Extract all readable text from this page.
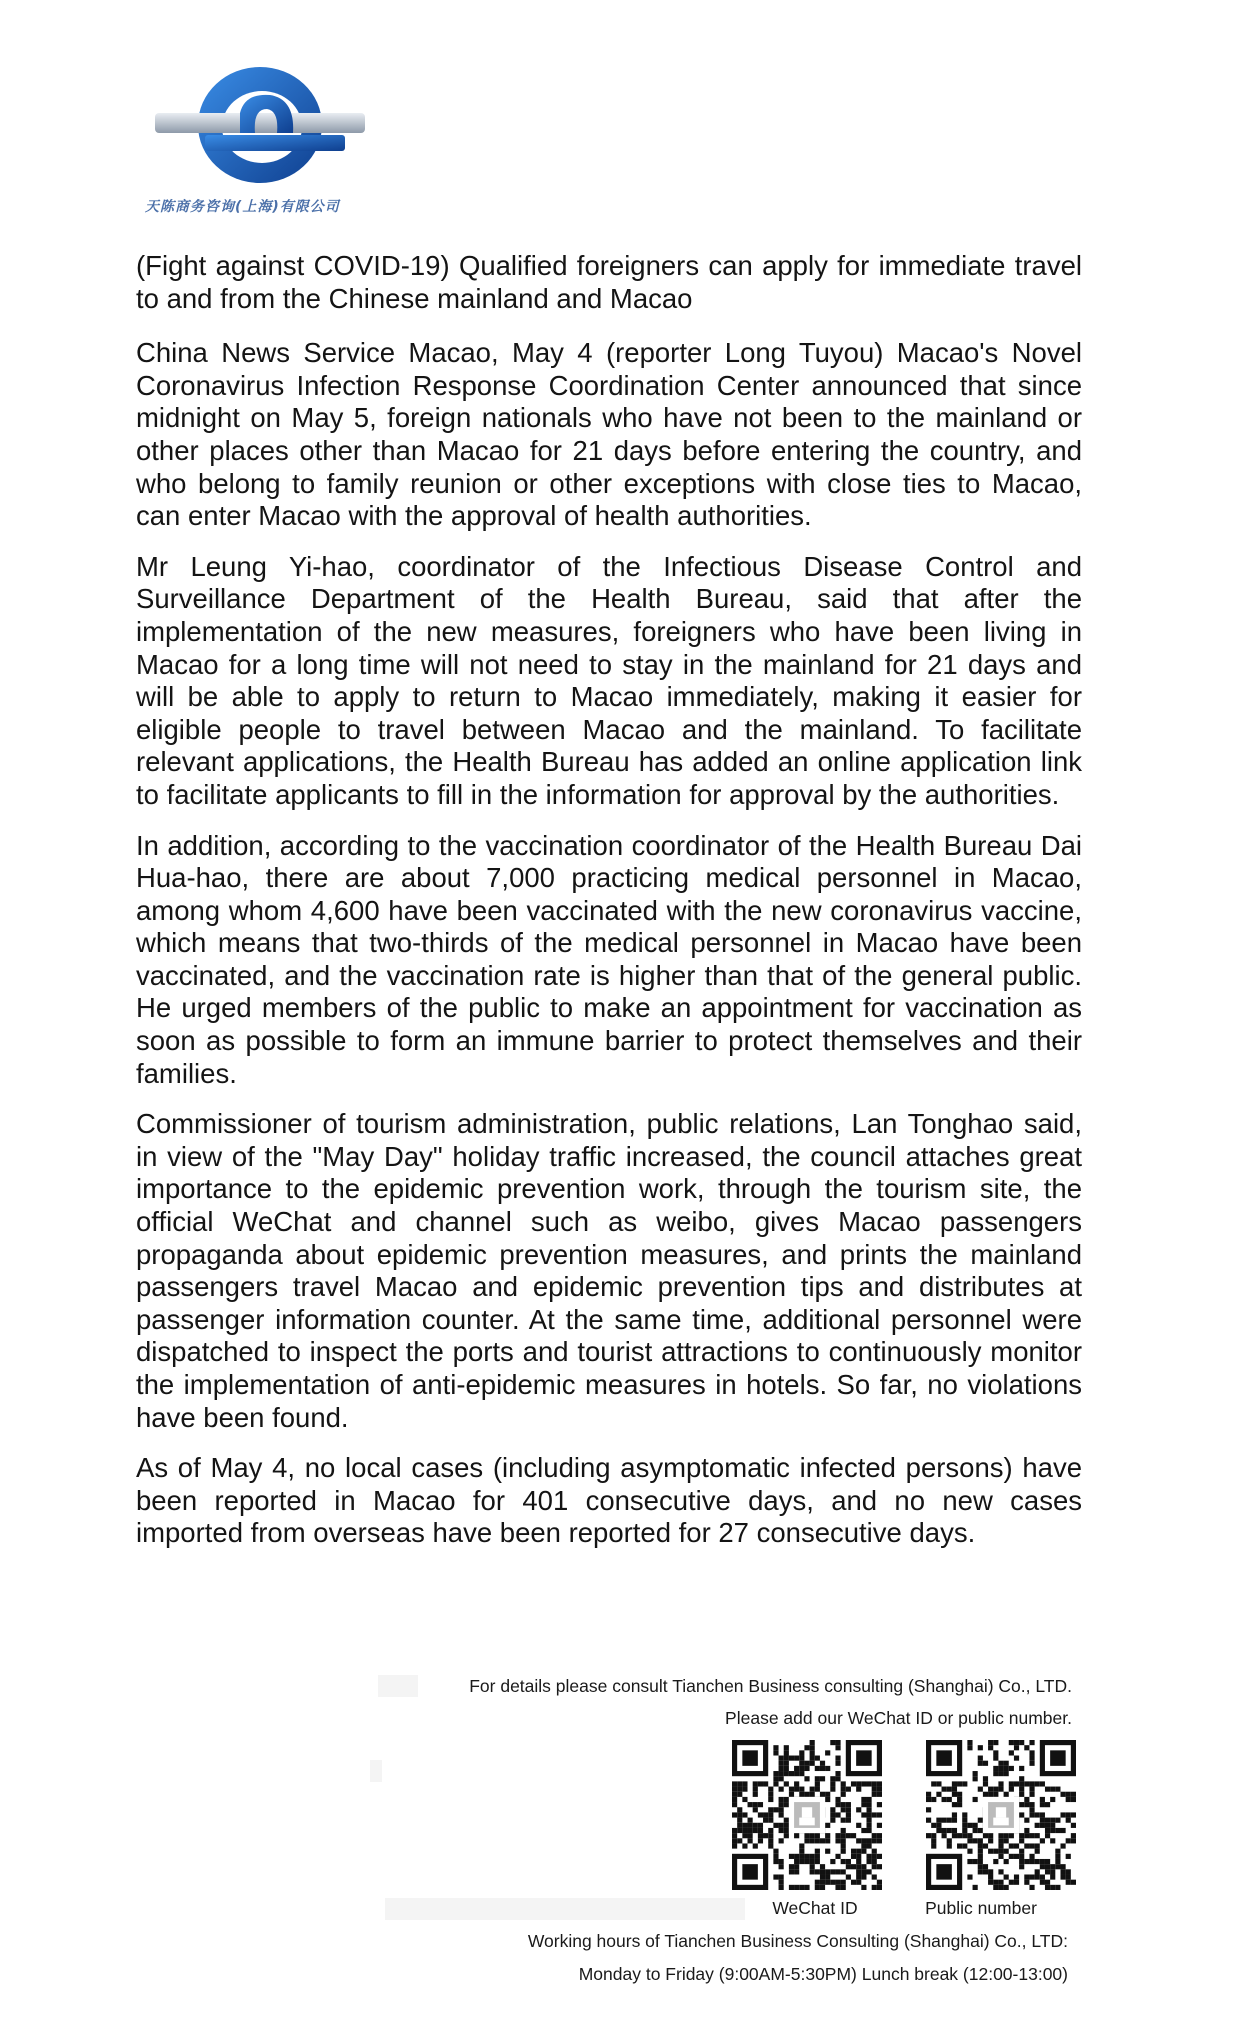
天陈商务咨询(上海)有限公司

(Fight against COVID-19) Qualified foreigners can apply for immediate travel to and from the Chinese mainland and Macao

China News Service Macao, May 4 (reporter Long Tuyou) Macao's Novel Coronavirus Infection Response Coordination Center announced that since midnight on May 5, foreign nationals who have not been to the mainland or other places other than Macao for 21 days before entering the country, and who belong to family reunion or other exceptions with close ties to Macao, can enter Macao with the approval of health authorities.

Mr Leung Yi-hao, coordinator of the Infectious Disease Control and Surveillance Department of the Health Bureau, said that after the implementation of the new measures, foreigners who have been living in Macao for a long time will not need to stay in the mainland for 21 days and will be able to apply to return to Macao immediately, making it easier for eligible people to travel between Macao and the mainland. To facilitate relevant applications, the Health Bureau has added an online application link to facilitate applicants to fill in the information for approval by the authorities.

In addition, according to the vaccination coordinator of the Health Bureau Dai Hua-hao, there are about 7,000 practicing medical personnel in Macao, among whom 4,600 have been vaccinated with the new coronavirus vaccine, which means that two-thirds of the medical personnel in Macao have been vaccinated, and the vaccination rate is higher than that of the general public. He urged members of the public to make an appointment for vaccination as soon as possible to form an immune barrier to protect themselves and their families.

Commissioner of tourism administration, public relations, Lan Tonghao said, in view of the "May Day" holiday traffic increased, the council attaches great importance to the epidemic prevention work, through the tourism site, the official WeChat and channel such as weibo, gives Macao passengers propaganda about epidemic prevention measures, and prints the mainland passengers travel Macao and epidemic prevention tips and distributes at passenger information counter. At the same time, additional personnel were dispatched to inspect the ports and tourist attractions to continuously monitor the implementation of anti-epidemic measures in hotels. So far, no violations have been found.

As of May 4, no local cases (including asymptomatic infected persons) have been reported in Macao for 401 consecutive days, and no new cases imported from overseas have been reported for 27 consecutive days.

For details please consult Tianchen Business consulting (Shanghai) Co., LTD.
Please add our WeChat ID or public number.
WeChat ID	Public number
Working hours of Tianchen Business Consulting (Shanghai) Co., LTD:
Monday to Friday (9:00AM-5:30PM) Lunch break (12:00-13:00)
